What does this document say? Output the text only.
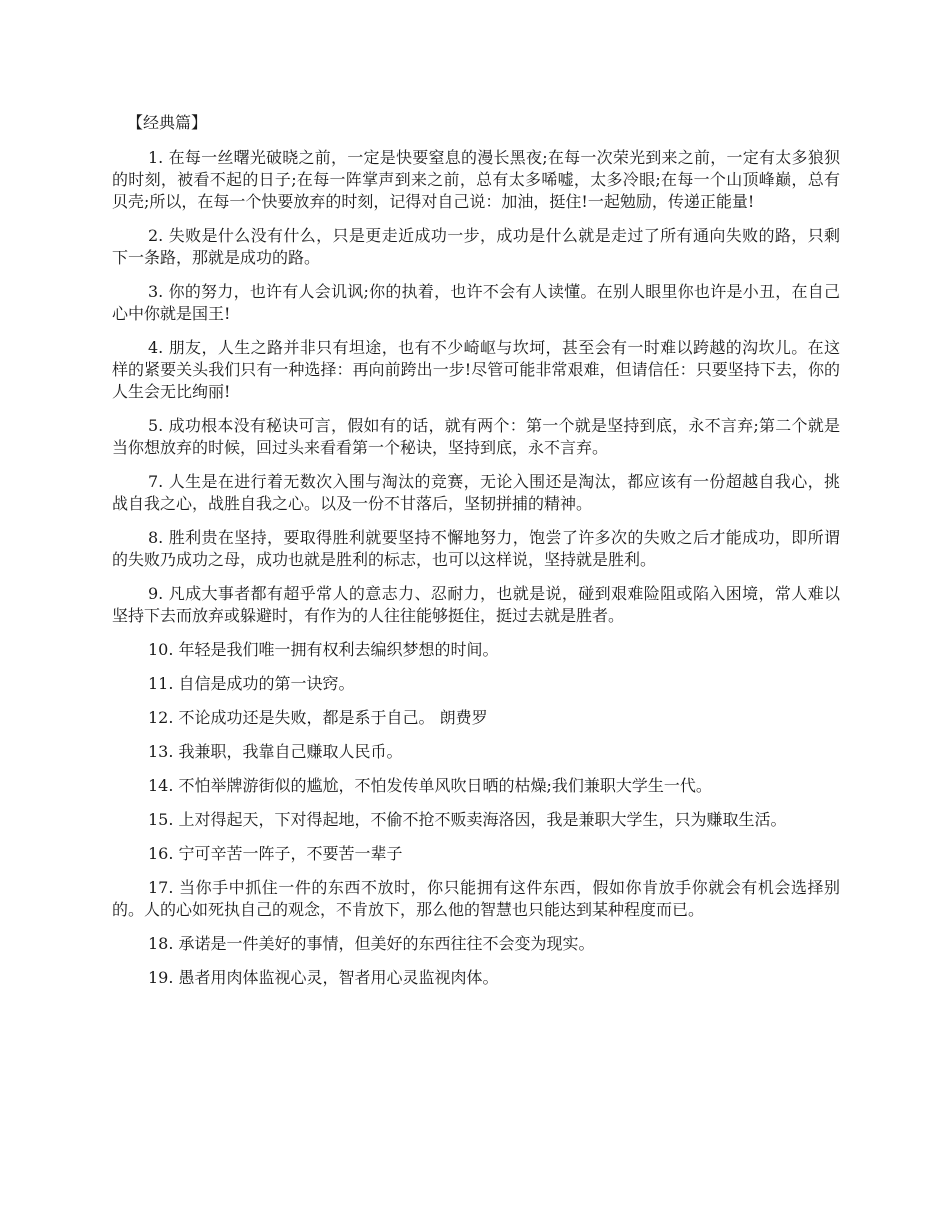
【经典篇】

1. 在每一丝曙光破晓之前，一定是快要窒息的漫长黑夜;在每一次荣光到来之前，一定有太多狼狈的时刻，被看不起的日子;在每一阵掌声到来之前，总有太多唏嘘，太多冷眼;在每一个山顶峰巅，总有贝壳;所以，在每一个快要放弃的时刻，记得对自己说：加油，挺住!一起勉励，传递正能量!

2. 失败是什么没有什么，只是更走近成功一步，成功是什么就是走过了所有通向失败的路，只剩下一条路，那就是成功的路。

3. 你的努力，也许有人会讥讽;你的执着，也许不会有人读懂。在别人眼里你也许是小丑，在自己心中你就是国王!

4. 朋友，人生之路并非只有坦途，也有不少崎岖与坎坷，甚至会有一时难以跨越的沟坎儿。在这样的紧要关头我们只有一种选择：再向前跨出一步!尽管可能非常艰难，但请信任：只要坚持下去，你的人生会无比绚丽!

5. 成功根本没有秘诀可言，假如有的话，就有两个：第一个就是坚持到底，永不言弃;第二个就是当你想放弃的时候，回过头来看看第一个秘诀，坚持到底，永不言弃。

7. 人生是在进行着无数次入围与淘汰的竞赛，无论入围还是淘汰，都应该有一份超越自我心，挑战自我之心，战胜自我之心。以及一份不甘落后，坚韧拼捕的精神。

8. 胜利贵在坚持，要取得胜利就要坚持不懈地努力，饱尝了许多次的失败之后才能成功，即所谓的失败乃成功之母，成功也就是胜利的标志，也可以这样说，坚持就是胜利。

9. 凡成大事者都有超乎常人的意志力、忍耐力，也就是说，碰到艰难险阻或陷入困境，常人难以坚持下去而放弃或躲避时，有作为的人往往能够挺住，挺过去就是胜者。

10. 年轻是我们唯一拥有权利去编织梦想的时间。

11. 自信是成功的第一诀窍。

12. 不论成功还是失败，都是系于自己。 朗费罗

13. 我兼职，我靠自己赚取人民币。

14. 不怕举牌游街似的尴尬，不怕发传单风吹日晒的枯燥;我们兼职大学生一代。

15. 上对得起天，下对得起地，不偷不抢不贩卖海洛因，我是兼职大学生，只为赚取生活。

16. 宁可辛苦一阵子，不要苦一辈子

17. 当你手中抓住一件的东西不放时，你只能拥有这件东西，假如你肯放手你就会有机会选择别的。人的心如死执自己的观念，不肯放下，那么他的智慧也只能达到某种程度而已。

18. 承诺是一件美好的事情，但美好的东西往往不会变为现实。

19. 愚者用肉体监视心灵，智者用心灵监视肉体。
